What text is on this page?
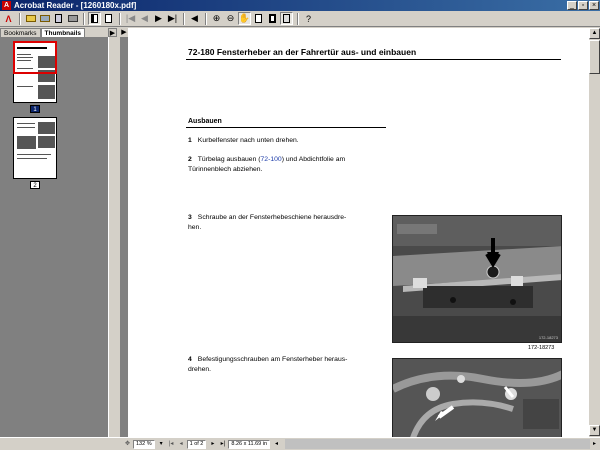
A Acrobat Reader - [1260180x.pdf]	_	▫	×
Λ	|◀ ◀ ▶ ▶|	◀	⊕ ⊖ ✋	?
Bookmarks	Thumbnails	▶
1
2
72-180 Fensterheber an der Fahrertür aus- und einbauen
Ausbauen
1 Kurbelfenster nach unten drehen.
2 Türbelag ausbauen (72-100) und Abdichtfolie am
Türinnenblech abziehen.
3 Schraube an der Fensterhebeschiene herausdre-
hen.
4 Befestigungsschrauben am Fensterheber heraus-
drehen.
172-18273
172-18273
▶	▲
▼
✥	132 %	▾	|◂	◂	1 of 2	▸	▸|	8.26 x 11.69 in	◂	▸
